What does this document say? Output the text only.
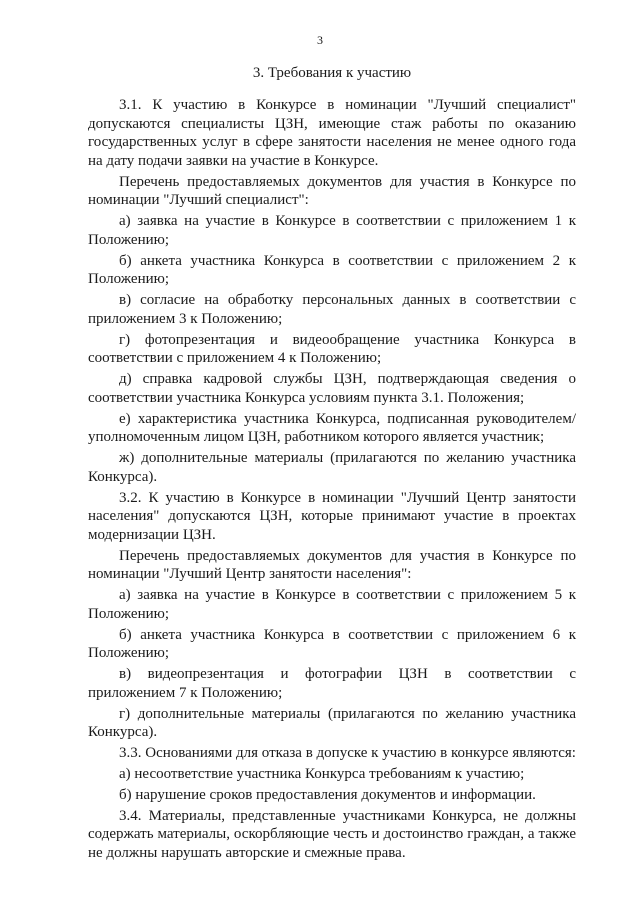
3
3. Требования к участию

3.1. К участию в Конкурсе в номинации "Лучший специалист" допускаются специалисты ЦЗН, имеющие стаж работы по оказанию государственных услуг в сфере занятости населения не менее одного года на дату подачи заявки на участие в Конкурсе.

Перечень предоставляемых документов для участия в Конкурсе по номинации "Лучший специалист":

а) заявка на участие в Конкурсе в соответствии с приложением 1 к Положению;

б) анкета участника Конкурса в соответствии с приложением 2 к Положению;

в) согласие на обработку персональных данных в соответствии с приложением 3 к Положению;

г) фотопрезентация и видеообращение участника Конкурса в соответствии с приложением 4 к Положению;

д) справка кадровой службы ЦЗН, подтверждающая сведения о соответствии участника Конкурса условиям пункта 3.1. Положения;

е) характеристика участника Конкурса, подписанная руководителем/уполномоченным лицом ЦЗН, работником которого является участник;

ж) дополнительные материалы (прилагаются по желанию участника Конкурса).

3.2. К участию в Конкурсе в номинации "Лучший Центр занятости населения" допускаются ЦЗН, которые принимают участие в проектах модернизации ЦЗН.

Перечень предоставляемых документов для участия в Конкурсе по номинации "Лучший Центр занятости населения":

а) заявка на участие в Конкурсе в соответствии с приложением 5 к Положению;

б) анкета участника Конкурса в соответствии с приложением 6 к Положению;

в) видеопрезентация и фотографии ЦЗН в соответствии с приложением 7 к Положению;

г) дополнительные материалы (прилагаются по желанию участника Конкурса).

3.3. Основаниями для отказа в допуске к участию в конкурсе являются:

а) несоответствие участника Конкурса требованиям к участию;

б) нарушение сроков предоставления документов и информации.

3.4. Материалы, представленные участниками Конкурса, не должны содержать материалы, оскорбляющие честь и достоинство граждан, а также не должны нарушать авторские и смежные права.
